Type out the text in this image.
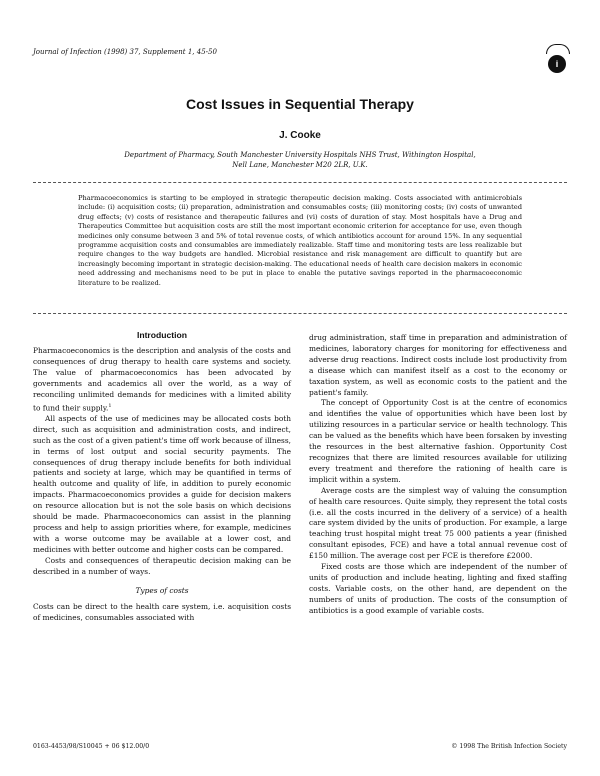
Journal of Infection (1998) 37, Supplement 1, 45-50
i
Cost Issues in Sequential Therapy
J. Cooke
Department of Pharmacy, South Manchester University Hospitals NHS Trust, Withington Hospital, Nell Lane, Manchester M20 2LR, U.K.

Pharmacoeconomics is starting to be employed in strategic therapeutic decision making. Costs associated with antimicrobials include: (i) acquisition costs; (ii) preparation, administration and consumables costs; (iii) monitoring costs; (iv) costs of unwanted drug effects; (v) costs of resistance and therapeutic failures and (vi) costs of duration of stay. Most hospitals have a Drug and Therapeutics Committee but acquisition costs are still the most important economic criterion for acceptance for use, even though medicines only consume between 3 and 5% of total revenue costs, of which antibiotics account for around 15%. In any sequential programme acquisition costs and consumables are immediately realizable. Staff time and monitoring tests are less realizable but require changes to the way budgets are handled. Microbial resistance and risk management are difficult to quantify but are increasingly becoming important in strategic decision-making. The educational needs of health care decision makers in economic need addressing and mechanisms need to be put in place to enable the putative savings reported in the pharmacoeconomic literature to be realized.

Introduction

Pharmacoeconomics is the description and analysis of the costs and consequences of drug therapy to health care systems and society. The value of pharmacoeconomics has been advocated by governments and academics all over the world, as a way of reconciling unlimited demands for medicines with a limited ability to fund their supply.$^1$

All aspects of the use of medicines may be allocated costs both direct, such as acquisition and administration costs, and indirect, such as the cost of a given patient's time off work because of illness, in terms of lost output and social security payments. The consequences of drug therapy include benefits for both individual patients and society at large, which may be quantified in terms of health outcome and quality of life, in addition to purely economic impacts. Pharmacoeconomics provides a guide for decision makers on resource allocation but is not the sole basis on which decisions should be made. Pharmacoeconomics can assist in the planning process and help to assign priorities where, for example, medicines with a worse outcome may be available at a lower cost, and medicines with better outcome and higher costs can be compared.

Costs and consequences of therapeutic decision making can be described in a number of ways.

Types of costs

Costs can be direct to the health care system, i.e. acquisition costs of medicines, consumables associated with

drug administration, staff time in preparation and administration of medicines, laboratory charges for monitoring for effectiveness and adverse drug reactions. Indirect costs include lost productivity from a disease which can manifest itself as a cost to the economy or taxation system, as well as economic costs to the patient and the patient's family.

The concept of Opportunity Cost is at the centre of economics and identifies the value of opportunities which have been lost by utilizing resources in a particular service or health technology. This can be valued as the benefits which have been forsaken by investing the resources in the best alternative fashion. Opportunity Cost recognizes that there are limited resources available for utilizing every treatment and therefore the rationing of health care is implicit within a system.

Average costs are the simplest way of valuing the consumption of health care resources. Quite simply, they represent the total costs (i.e. all the costs incurred in the delivery of a service) of a health care system divided by the units of production. For example, a large teaching trust hospital might treat 75 000 patients a year (finished consultant episodes, FCE) and have a total annual revenue cost of £150 million. The average cost per FCE is therefore £2000.

Fixed costs are those which are independent of the number of units of production and include heating, lighting and fixed staffing costs. Variable costs, on the other hand, are dependent on the numbers of units of production. The costs of the consumption of antibiotics is a good example of variable costs.

0163-4453/98/S10045 + 06 $12.00/0	© 1998 The British Infection Society
